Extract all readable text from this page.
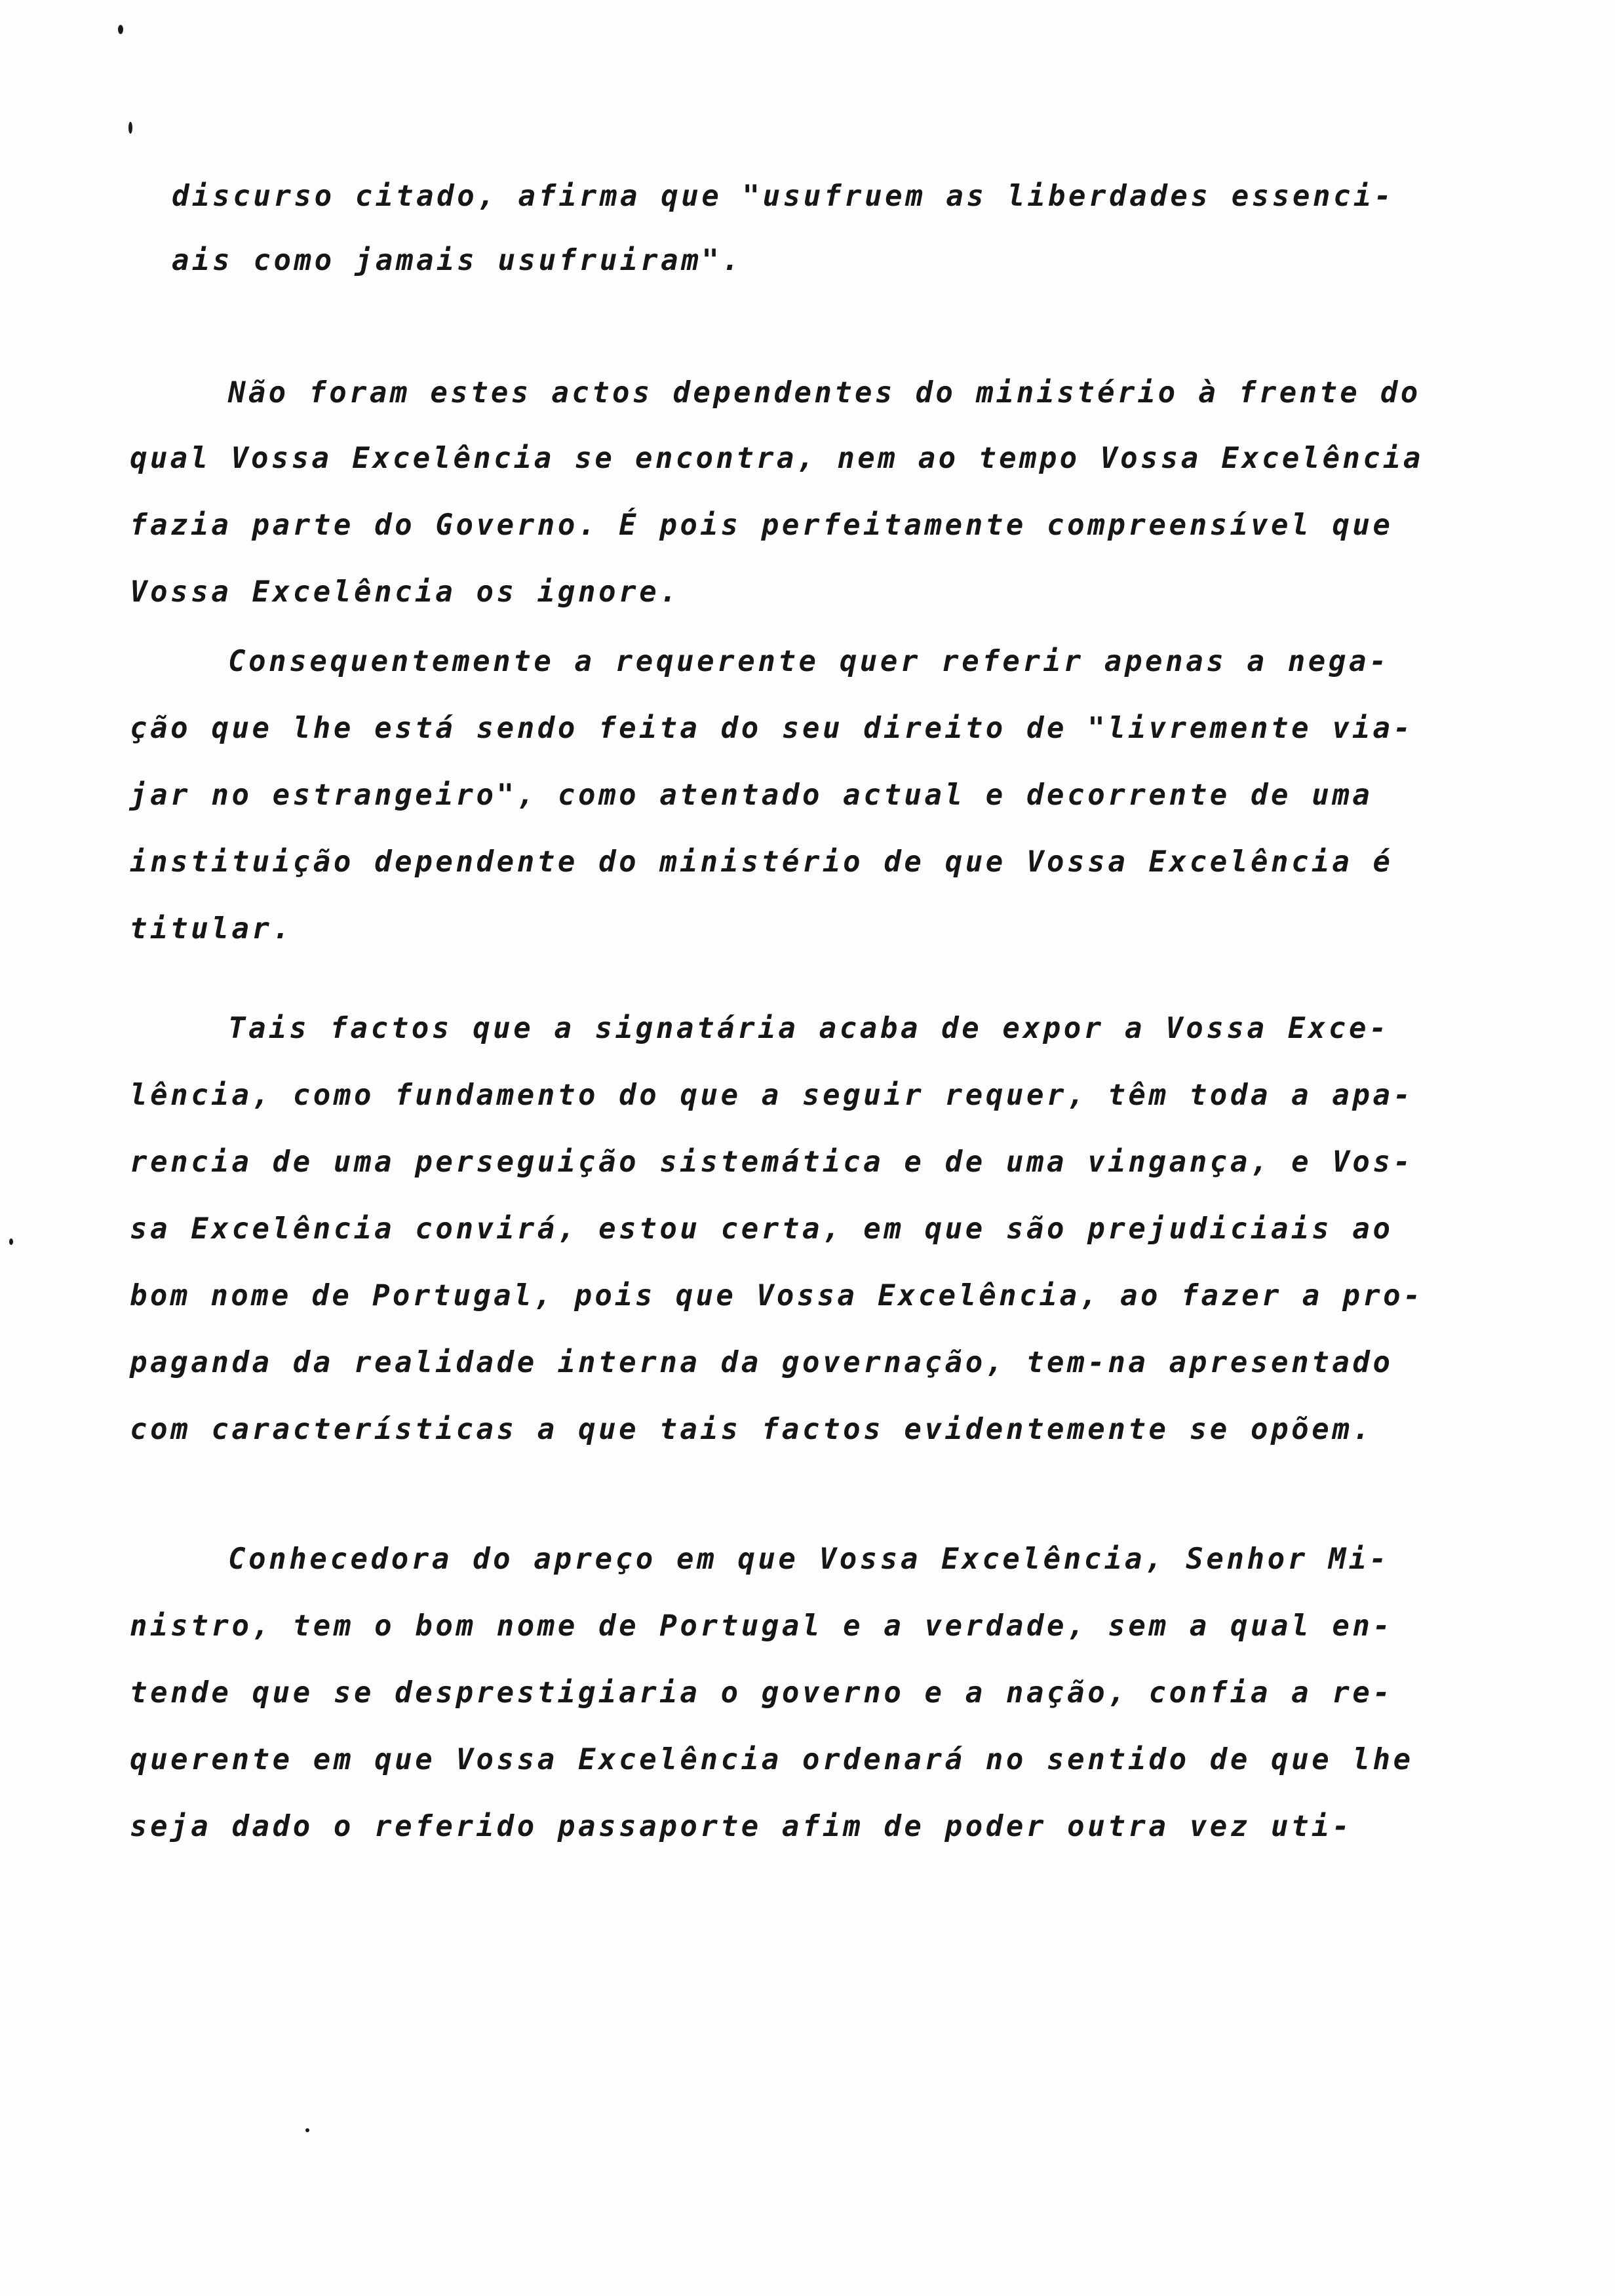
discurso citado, afirma que "usufruem as liberdades essenci-
ais como jamais usufruiram".
Não foram estes actos dependentes do ministério à frente do
qual Vossa Excelência se encontra, nem ao tempo Vossa Excelência
fazia parte do Governo. É pois perfeitamente compreensível que
Vossa Excelência os ignore.
Consequentemente a requerente quer referir apenas a nega-
ção que lhe está sendo feita do seu direito de "livremente via-
jar no estrangeiro", como atentado actual e decorrente de uma
instituição dependente do ministério de que Vossa Excelência é
titular.
Tais factos que a signatária acaba de expor a Vossa Exce-
lência, como fundamento do que a seguir requer, têm toda a apa-
rencia de uma perseguição sistemática e de uma vingança, e Vos-
sa Excelência convirá, estou certa, em que são prejudiciais ao
bom nome de Portugal, pois que Vossa Excelência, ao fazer a pro-
paganda da realidade interna da governação, tem-na apresentado
com características a que tais factos evidentemente se opõem.
Conhecedora do apreço em que Vossa Excelência, Senhor Mi-
nistro, tem o bom nome de Portugal e a verdade, sem a qual en-
tende que se desprestigiaria o governo e a nação, confia a re-
querente em que Vossa Excelência ordenará no sentido de que lhe
seja dado o referido passaporte afim de poder outra vez uti-
